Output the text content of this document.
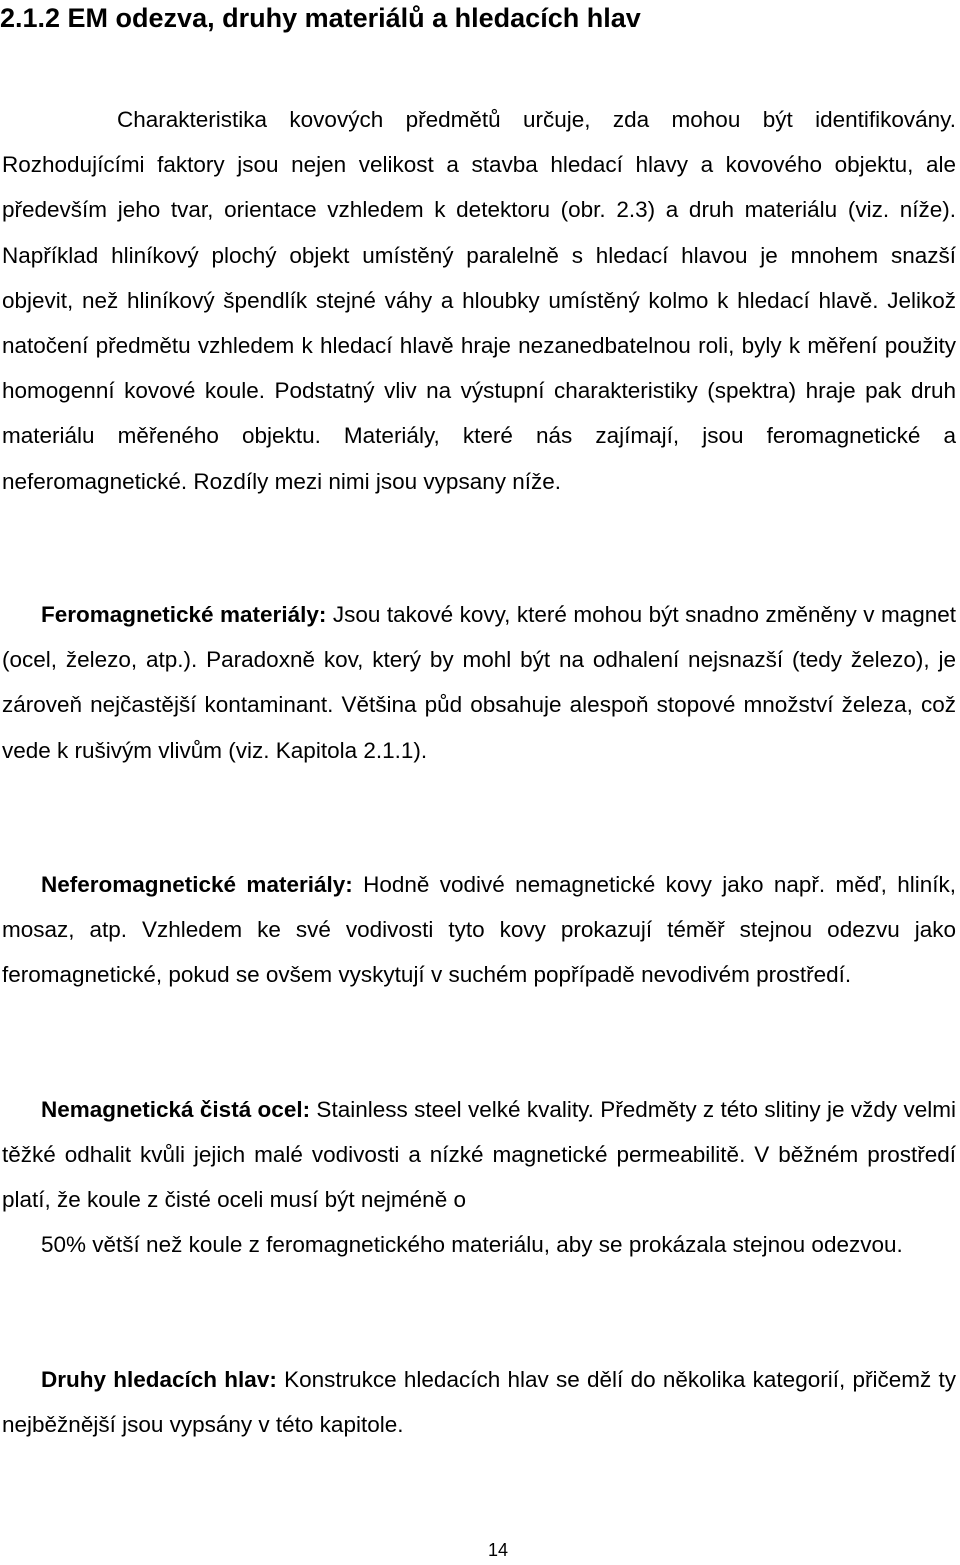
2.1.2 EM odezva, druhy materiálů a hledacích hlav

Charakteristika kovových předmětů určuje, zda mohou být identifikovány. Rozhodujícími faktory jsou nejen velikost a stavba hledací hlavy a kovového objektu, ale především jeho tvar, orientace vzhledem k detektoru (obr. 2.3) a druh materiálu (viz. níže). Například hliníkový plochý objekt umístěný paralelně s hledací hlavou je mnohem snazší objevit, než hliníkový špendlík stejné váhy a hloubky umístěný kolmo k hledací hlavě. Jelikož natočení předmětu vzhledem k hledací hlavě hraje nezanedbatelnou roli, byly k měření použity homogenní kovové koule. Podstatný vliv na výstupní charakteristiky (spektra) hraje pak druh materiálu měřeného objektu. Materiály, které nás zajímají, jsou feromagnetické a neferomagnetické. Rozdíly mezi nimi jsou vypsany níže.

Feromagnetické materiály: Jsou takové kovy, které mohou být snadno změněny v magnet (ocel, železo, atp.). Paradoxně kov, který by mohl být na odhalení nejsnazší (tedy železo), je zároveň nejčastější kontaminant. Většina půd obsahuje alespoň stopové množství železa, což vede k rušivým vlivům (viz. Kapitola 2.1.1).

Neferomagnetické materiály: Hodně vodivé nemagnetické kovy jako např. měď, hliník, mosaz, atp. Vzhledem ke své vodivosti tyto kovy prokazují téměř stejnou odezvu jako feromagnetické, pokud se ovšem vyskytují v suchém popřípadě nevodivém prostředí.

Nemagnetická čistá ocel: Stainless steel velké kvality. Předměty z této slitiny je vždy velmi těžké odhalit kvůli jejich malé vodivosti a nízké magnetické permeabilitě. V běžném prostředí platí, že koule z čisté oceli musí být nejméně o

50% větší než koule z feromagnetického materiálu, aby se prokázala stejnou odezvou.

Druhy hledacích hlav: Konstrukce hledacích hlav se dělí do několika kategorií, přičemž ty nejběžnější jsou vypsány v této kapitole.

14
